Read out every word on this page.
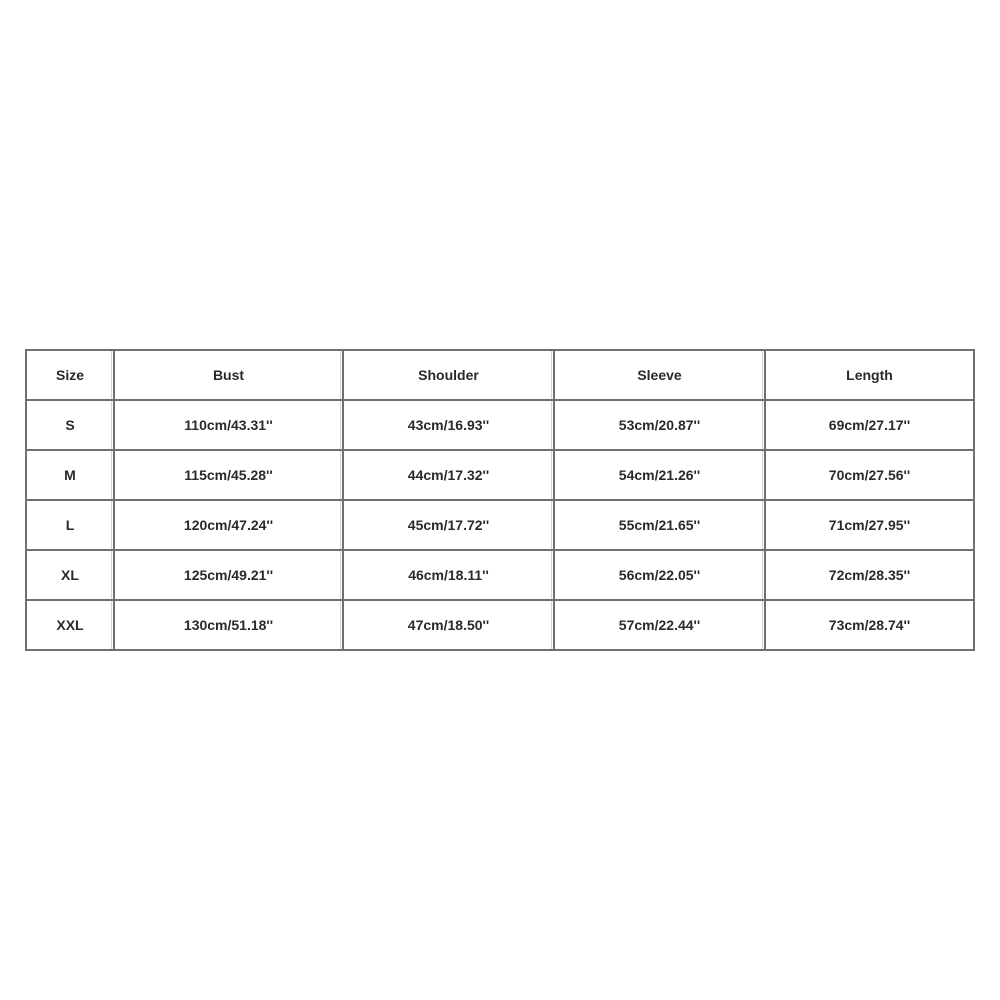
Size	Bust	Shoulder	Sleeve	Length
S	110cm/43.31''	43cm/16.93''	53cm/20.87''	69cm/27.17''
M	115cm/45.28''	44cm/17.32''	54cm/21.26''	70cm/27.56''
L	120cm/47.24''	45cm/17.72''	55cm/21.65''	71cm/27.95''
XL	125cm/49.21''	46cm/18.11''	56cm/22.05''	72cm/28.35''
XXL	130cm/51.18''	47cm/18.50''	57cm/22.44''	73cm/28.74''
